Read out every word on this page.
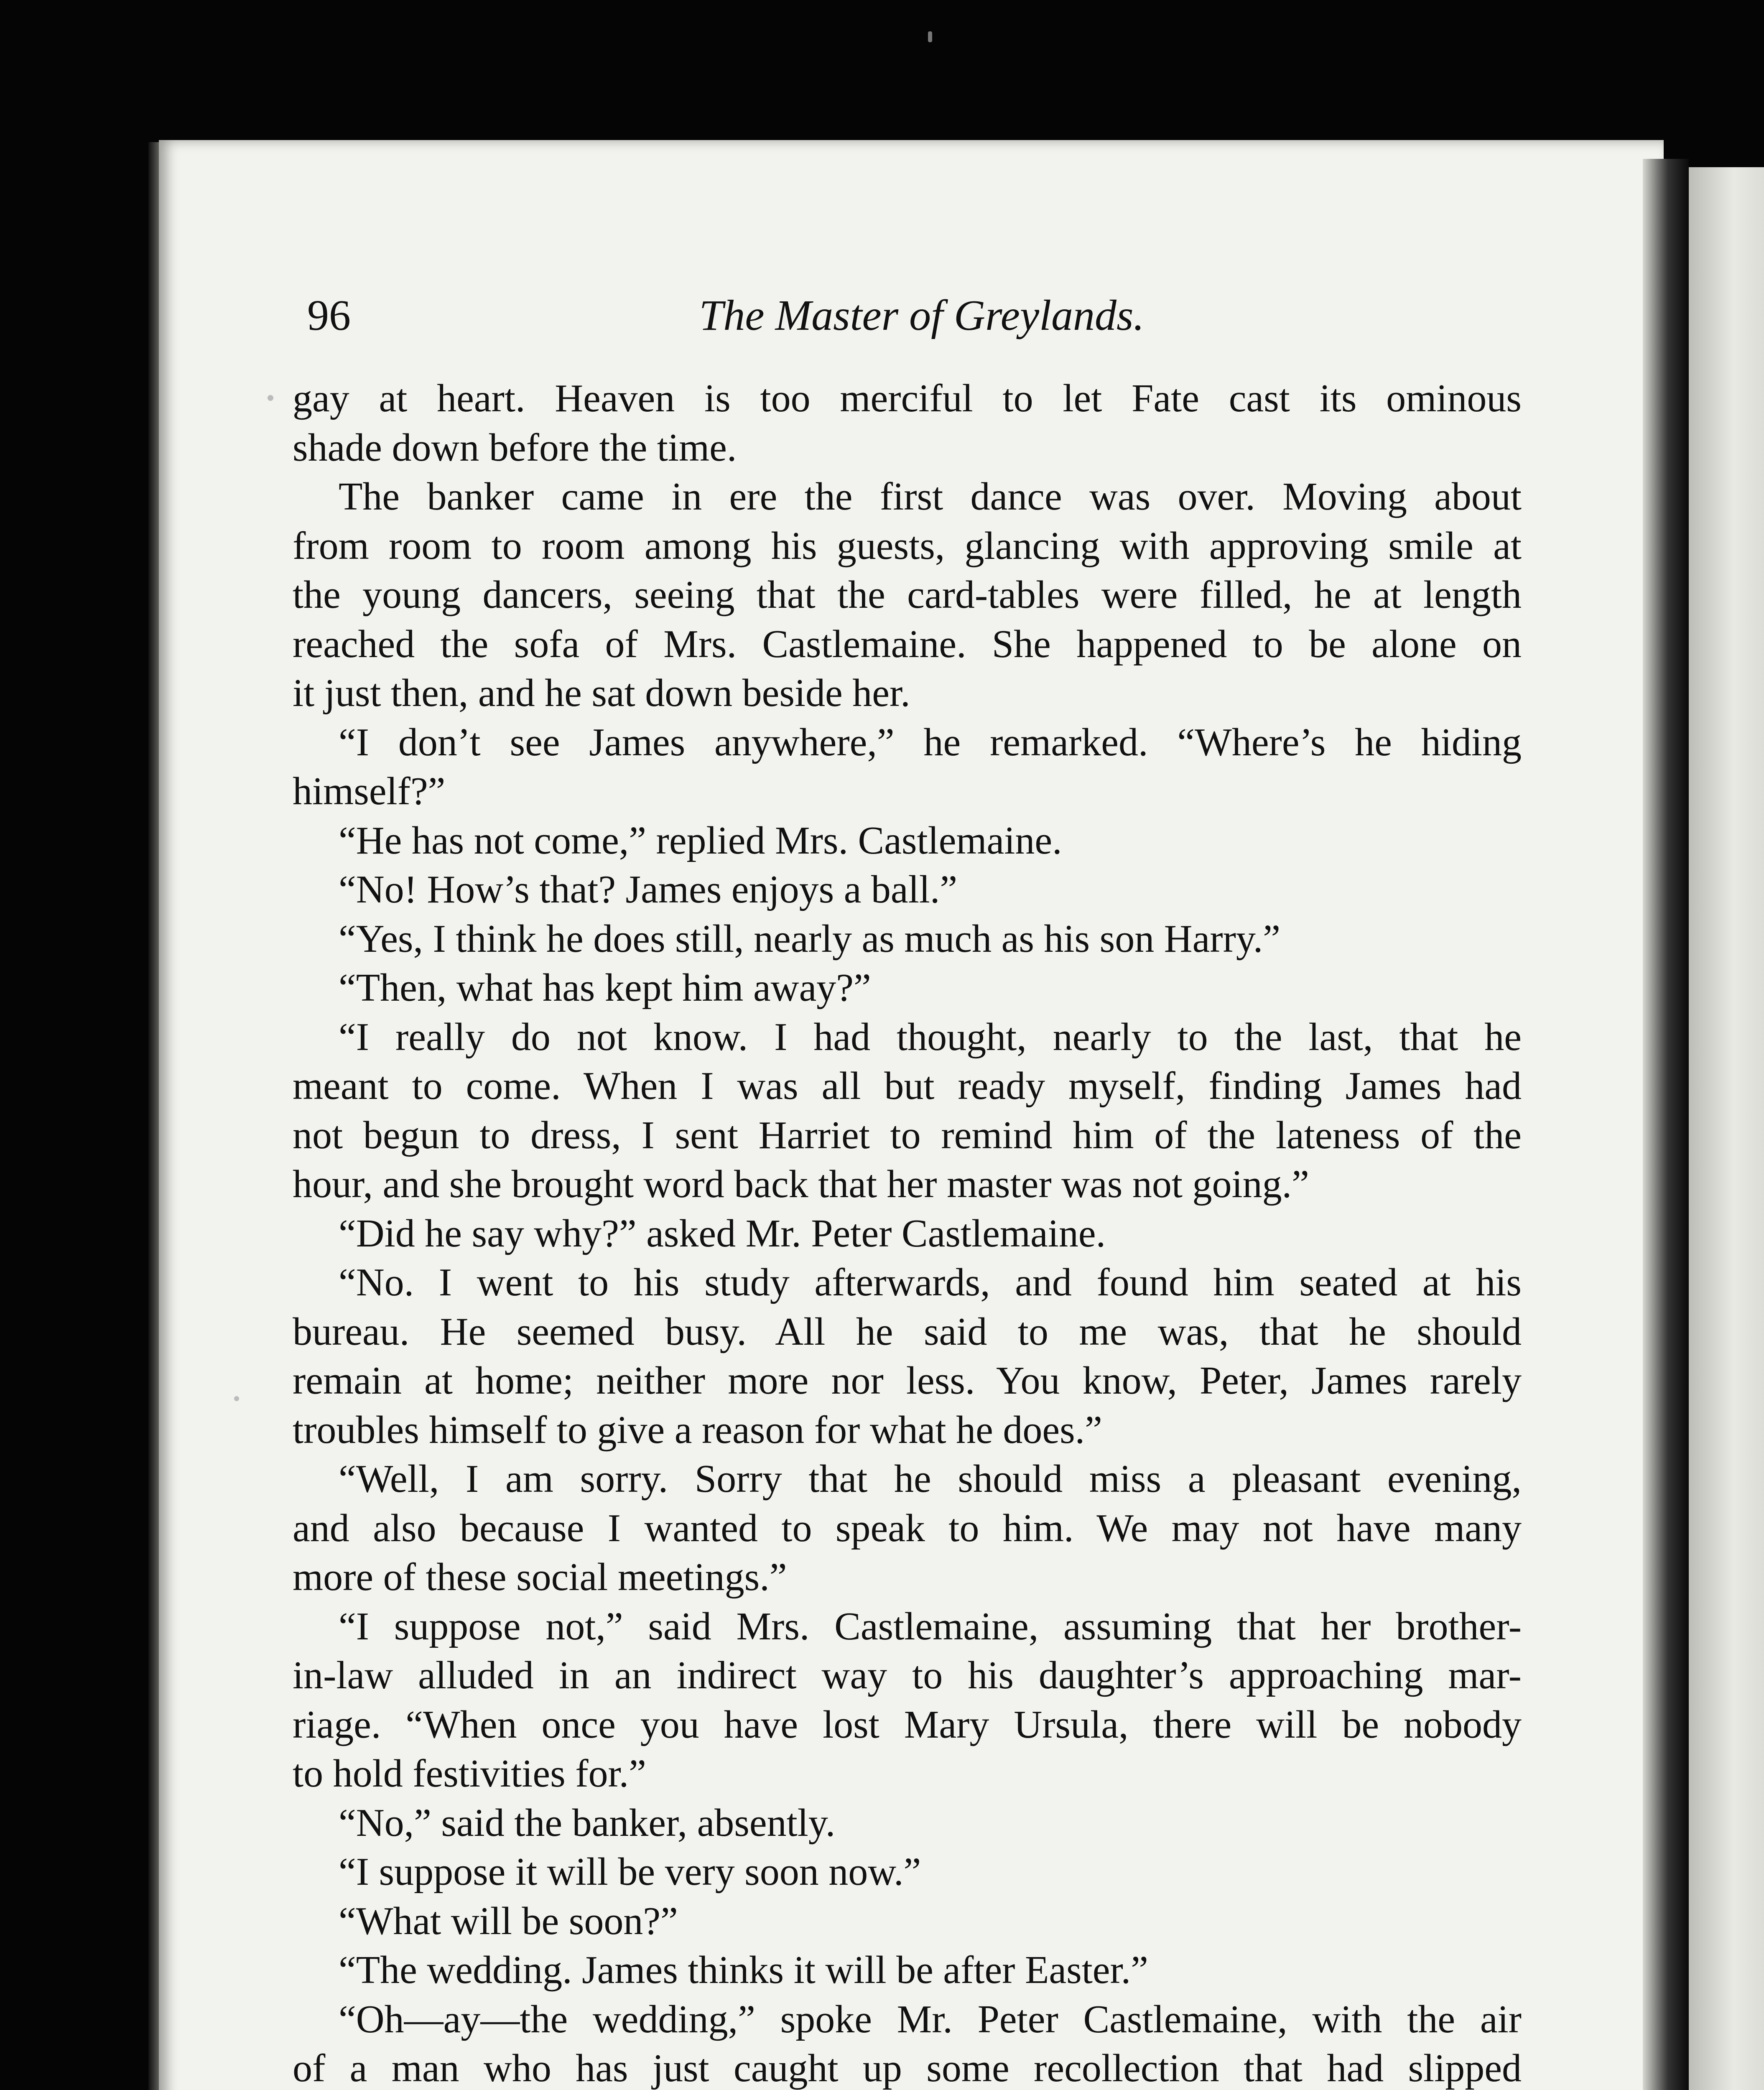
96	The Master of Greylands.
gay at heart. Heaven is too merciful to let Fate cast its ominous
shade down before the time.
The banker came in ere the first dance was over. Moving about
from room to room among his guests, glancing with approving smile at
the young dancers, seeing that the card-tables were filled, he at length
reached the sofa of Mrs. Castlemaine. She happened to be alone on
it just then, and he sat down beside her.
“I don’t see James anywhere,” he remarked. “Where’s he hiding
himself?”
“He has not come,” replied Mrs. Castlemaine.
“No! How’s that? James enjoys a ball.”
“Yes, I think he does still, nearly as much as his son Harry.”
“Then, what has kept him away?”
“I really do not know. I had thought, nearly to the last, that he
meant to come. When I was all but ready myself, finding James had
not begun to dress, I sent Harriet to remind him of the lateness of the
hour, and she brought word back that her master was not going.”
“Did he say why?” asked Mr. Peter Castlemaine.
“No. I went to his study afterwards, and found him seated at his
bureau. He seemed busy. All he said to me was, that he should
remain at home; neither more nor less. You know, Peter, James rarely
troubles himself to give a reason for what he does.”
“Well, I am sorry. Sorry that he should miss a pleasant evening,
and also because I wanted to speak to him. We may not have many
more of these social meetings.”
“I suppose not,” said Mrs. Castlemaine, assuming that her brother-
in-law alluded in an indirect way to his daughter’s approaching mar-
riage. “When once you have lost Mary Ursula, there will be nobody
to hold festivities for.”
“No,” said the banker, absently.
“I suppose it will be very soon now.”
“What will be soon?”
“The wedding. James thinks it will be after Easter.”
“Oh—ay—the wedding,” spoke Mr. Peter Castlemaine, with the air
of a man who has just caught up some recollection that had slipped
